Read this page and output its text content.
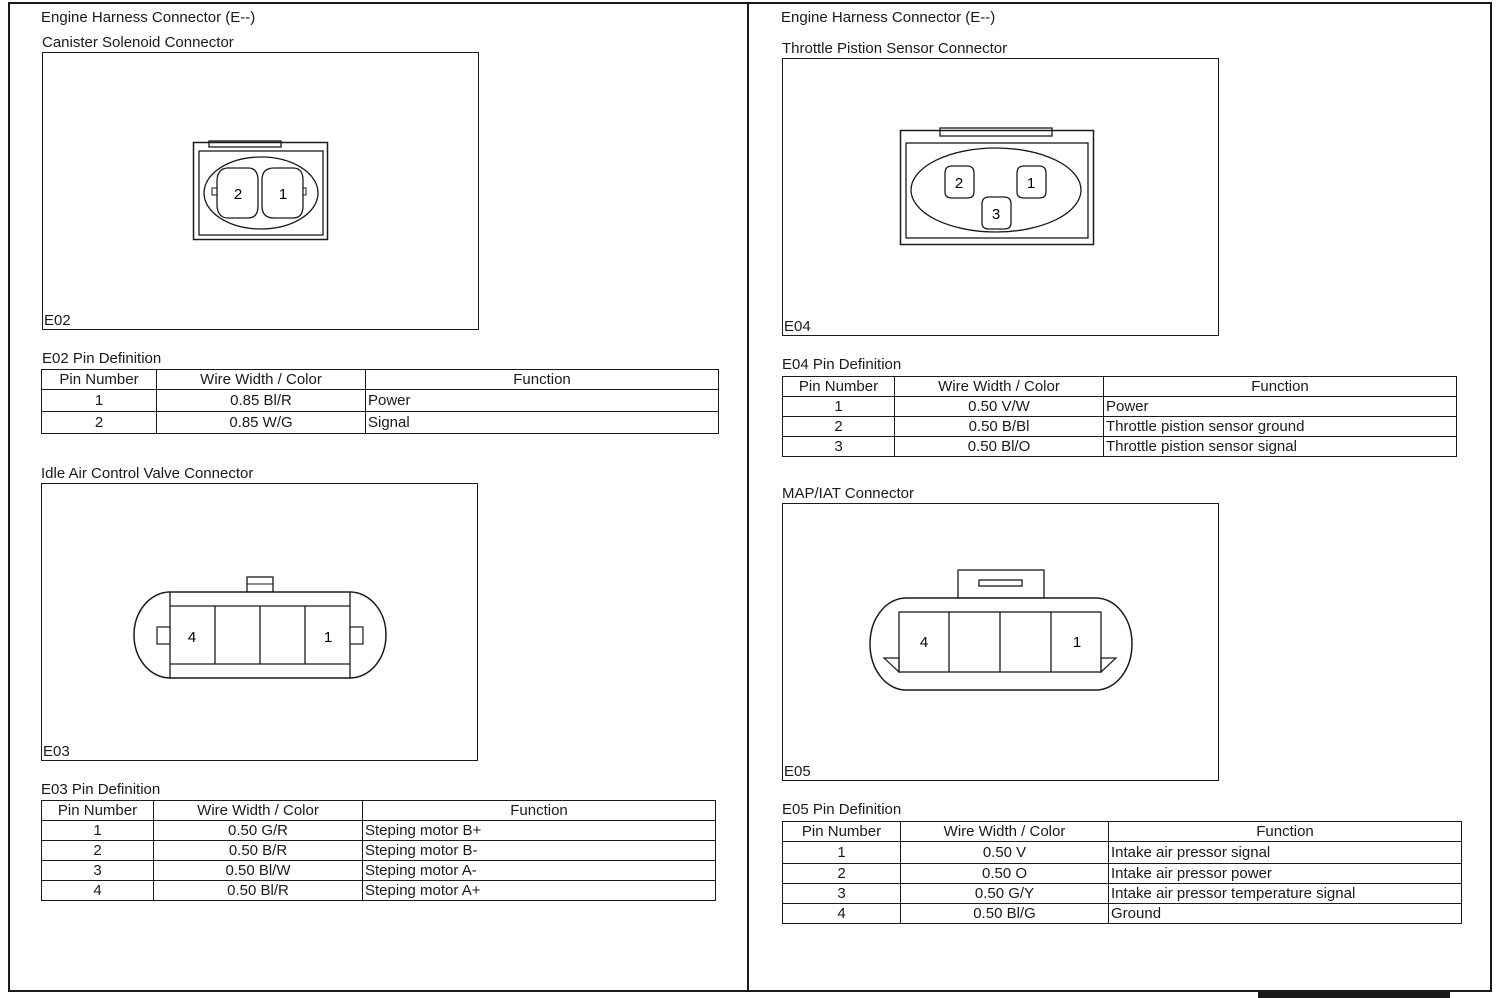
Engine Harness Connector (E--)
Canister Solenoid Connector
E02
2 1
E02 Pin Definition
Pin Number	Wire Width / Color	Function
1	0.85 Bl/R	Power
2	0.85 W/G	Signal
Idle Air Control Valve Connector
E03
4	1
E03 Pin Definition
Pin Number	Wire Width / Color	Function
1	0.50 G/R	Steping motor B+
2	0.50 B/R	Steping motor B-
3	0.50 Bl/W	Steping motor A-
4	0.50 Bl/R	Steping motor A+
Engine Harness Connector (E--)
Throttle Pistion Sensor Connector
E04
2	1
3
E04 Pin Definition
Pin Number	Wire Width / Color	Function
1	0.50 V/W	Power
2	0.50 B/Bl	Throttle pistion sensor ground
3	0.50 Bl/O	Throttle pistion sensor signal
MAP/IAT Connector
E05
4	1
E05 Pin Definition
Pin Number	Wire Width / Color	Function
1	0.50 V	Intake air pressor signal
2	0.50 O	Intake air pressor power
3	0.50 G/Y	Intake air pressor temperature signal
4	0.50 Bl/G	Ground
